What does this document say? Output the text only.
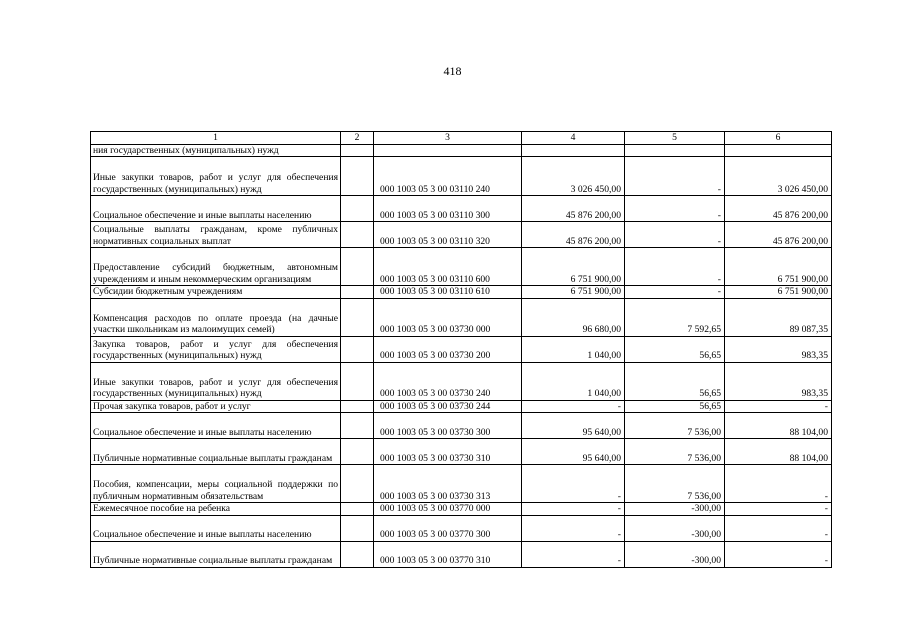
418
1	2	3	4	5	6
ния государственных (муниципальных) нужд					
Иные закупки товаров, работ и услуг для обеспечения государственных (муниципальных) нужд		000 1003 05 3 00 03110 240	3 026 450,00	-	3 026 450,00
Социальное обеспечение и иные выплаты населению		000 1003 05 3 00 03110 300	45 876 200,00	-	45 876 200,00
Социальные выплаты гражданам, кроме публичных нормативных социальных выплат		000 1003 05 3 00 03110 320	45 876 200,00	-	45 876 200,00
Предоставление субсидий бюджетным, автономным учреждениям и иным некоммерческим организациям		000 1003 05 3 00 03110 600	6 751 900,00	-	6 751 900,00
Субсидии бюджетным учреждениям		000 1003 05 3 00 03110 610	6 751 900,00	-	6 751 900,00
Компенсация расходов по оплате проезда (на дачные участки школьникам из малоимущих семей)		000 1003 05 3 00 03730 000	96 680,00	7 592,65	89 087,35
Закупка товаров, работ и услуг для обеспечения государственных (муниципальных) нужд		000 1003 05 3 00 03730 200	1 040,00	56,65	983,35
Иные закупки товаров, работ и услуг для обеспечения государственных (муниципальных) нужд		000 1003 05 3 00 03730 240	1 040,00	56,65	983,35
Прочая закупка товаров, работ и услуг		000 1003 05 3 00 03730 244	-	56,65	-
Социальное обеспечение и иные выплаты населению		000 1003 05 3 00 03730 300	95 640,00	7 536,00	88 104,00
Публичные нормативные социальные выплаты гражданам		000 1003 05 3 00 03730 310	95 640,00	7 536,00	88 104,00
Пособия, компенсации, меры социальной поддержки по публичным нормативным обязательствам		000 1003 05 3 00 03730 313	-	7 536,00	-
Ежемесячное пособие на ребенка		000 1003 05 3 00 03770 000	-	-300,00	-
Социальное обеспечение и иные выплаты населению		000 1003 05 3 00 03770 300	-	-300,00	-
Публичные нормативные социальные выплаты гражданам		000 1003 05 3 00 03770 310	-	-300,00	-
